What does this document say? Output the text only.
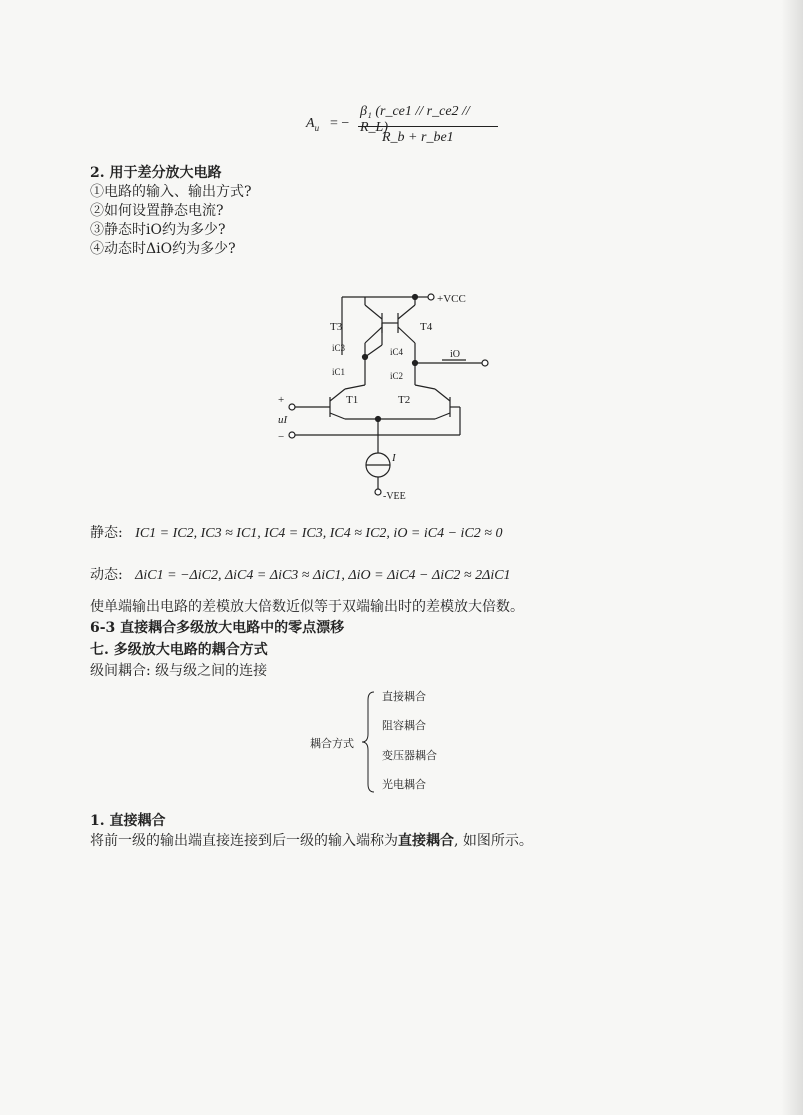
$A_u$ = −
β₁ (r_ce1 // r_ce2 // R_L)
R_b + r_be1
2. 用于差分放大电路
①电路的输入、输出方式?
②如何设置静态电流?
③静态时iO约为多少?
④动态时ΔiO约为多少?
+VCC
T3	T4
iC3
iC1
iC4
iC2
iO
T1	T2
+
−
uI
I
-VEE
静态: IC1 = IC2, IC3 ≈ IC1, IC4 = IC3, IC4 ≈ IC2, iO = iC4 − iC2 ≈ 0
动态: ΔiC1 = −ΔiC2, ΔiC4 = ΔiC3 ≈ ΔiC1, ΔiO = ΔiC4 − ΔiC2 ≈ 2ΔiC1
使单端输出电路的差模放大倍数近似等于双端输出时的差模放大倍数。
6-3 直接耦合多级放大电路中的零点漂移
七. 多级放大电路的耦合方式
级间耦合: 级与级之间的连接
耦合方式
直接耦合
阻容耦合
变压器耦合
光电耦合
1. 直接耦合
将前一级的输出端直接连接到后一级的输入端称为直接耦合, 如图所示。
